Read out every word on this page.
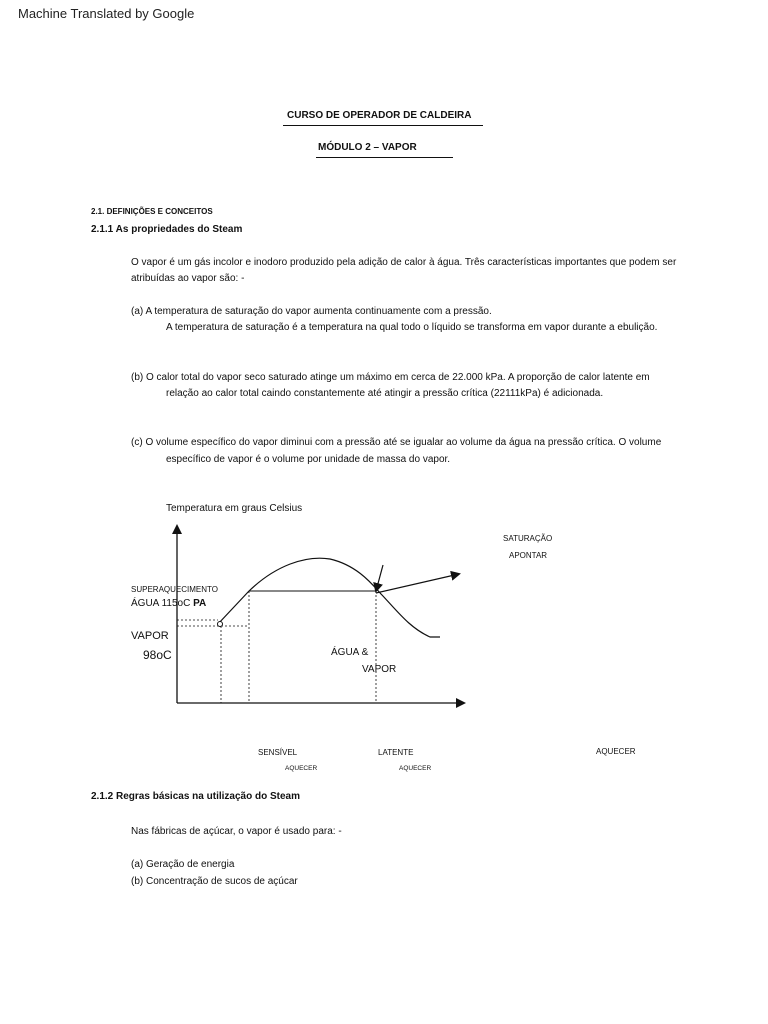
Machine Translated by Google
CURSO DE OPERADOR DE CALDEIRA
MÓDULO 2 – VAPOR
2.1. DEFINIÇÕES E CONCEITOS
2.1.1 As propriedades do Steam
O vapor é um gás incolor e inodoro produzido pela adição de calor à água. Três características importantes que podem ser atribuídas ao vapor são: -
(a) A temperatura de saturação do vapor aumenta continuamente com a pressão.
A temperatura de saturação é a temperatura na qual todo o líquido se transforma em vapor durante a ebulição.
(b) O calor total do vapor seco saturado atinge um máximo em cerca de 22.000 kPa. A proporção de calor latente em
relação ao calor total caindo constantemente até atingir a pressão crítica (22111kPa) é adicionada.
(c) O volume específico do vapor diminui com a pressão até se igualar ao volume da água na pressão crítica. O volume
específico de vapor é o volume por unidade de massa do vapor.
Temperatura em graus Celsius
SATURAÇÃO
APONTAR
SUPERAQUECIMENTO
ÁGUA 115oC PA
VAPOR
98oC	ÁGUA &
VAPOR
SENSÍVEL
AQUECER
LATENTE
AQUECER
AQUECER
2.1.2 Regras básicas na utilização do Steam
Nas fábricas de açúcar, o vapor é usado para: -
(a) Geração de energia
(b) Concentração de sucos de açúcar
